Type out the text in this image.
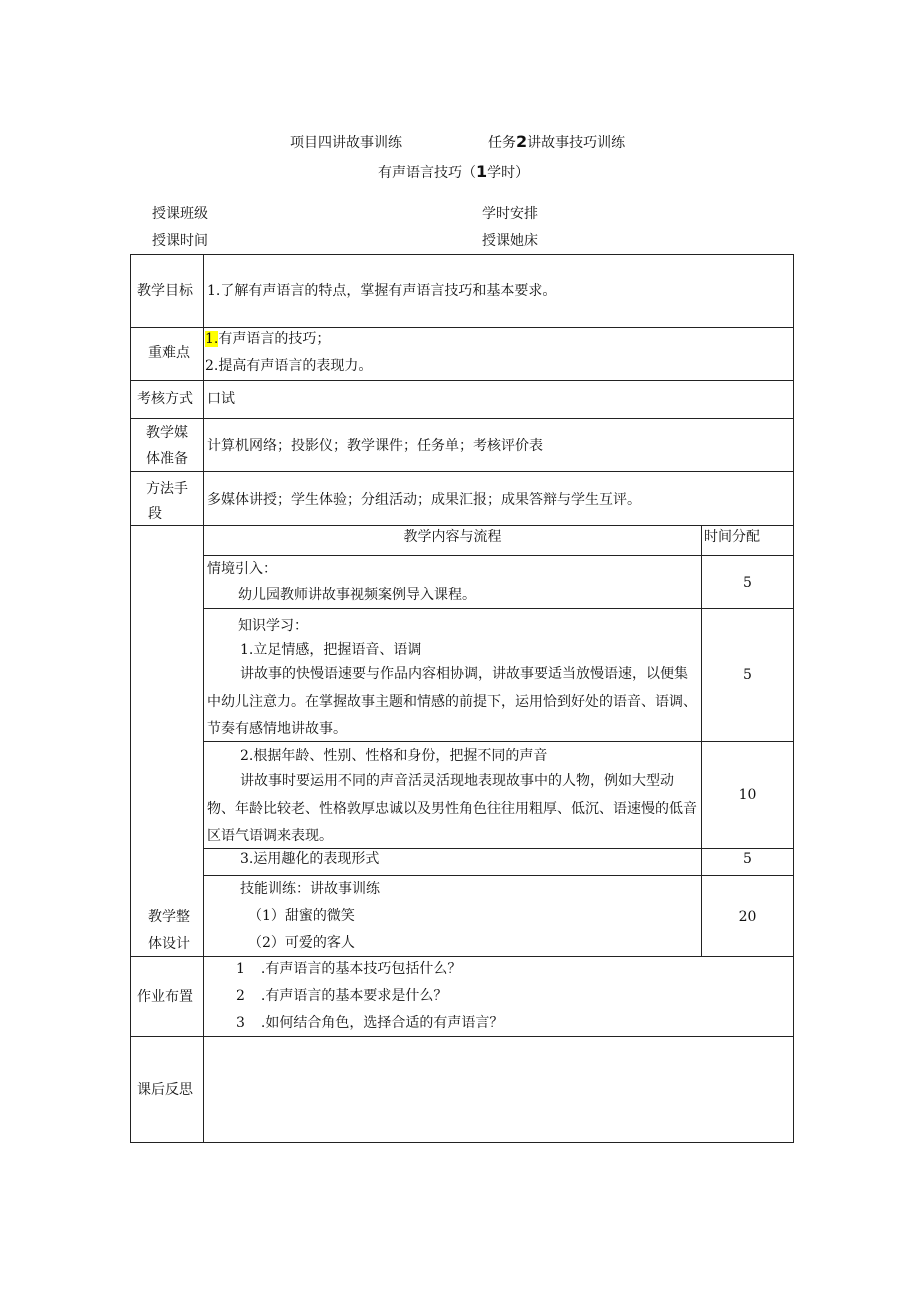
项目四讲故事训练	任务2讲故事技巧训练
有声语言技巧（1学时）
授课班级	学时安排
授课时间	授课她床
教学目标 1.了解有声语言的特点，掌握有声语言技巧和基本要求。
重难点
1.有声语言的技巧；
2.提高有声语言的表现力。
考核方式 口试
教学媒
体准备
计算机网络；投影仪；教学课件；任务单；考核评价表
方法手
段
多媒体讲授；学生体验；分组活动；成果汇报；成果答辩与学生互评。
教学整
体设计
教学内容与流程	时间分配
情境引入：
幼儿园教师讲故事视频案例导入课程。
5
知识学习：
1.立足情感，把握语音、语调
讲故事的快慢语速要与作品内容相协调，讲故事要适当放慢语速，以便集中幼儿注意力。在掌握故事主题和情感的前提下，运用恰到好处的语音、语调、节奏有感情地讲故事。
5
2.根据年龄、性别、性格和身份，把握不同的声音
讲故事时要运用不同的声音活灵活现地表现故事中的人物，例如大型动物、年龄比较老、性格敦厚忠诚以及男性角色往往用粗厚、低沉、语速慢的低音区语气语调来表现。
10
3.运用趣化的表现形式	5
技能训练：讲故事训练
（1）甜蜜的微笑
（2）可爱的客人
20
作业布置
1 .有声语言的基本技巧包括什么？
2 .有声语言的基本要求是什么？
3 .如何结合角色，选择合适的有声语言？
课后反思
